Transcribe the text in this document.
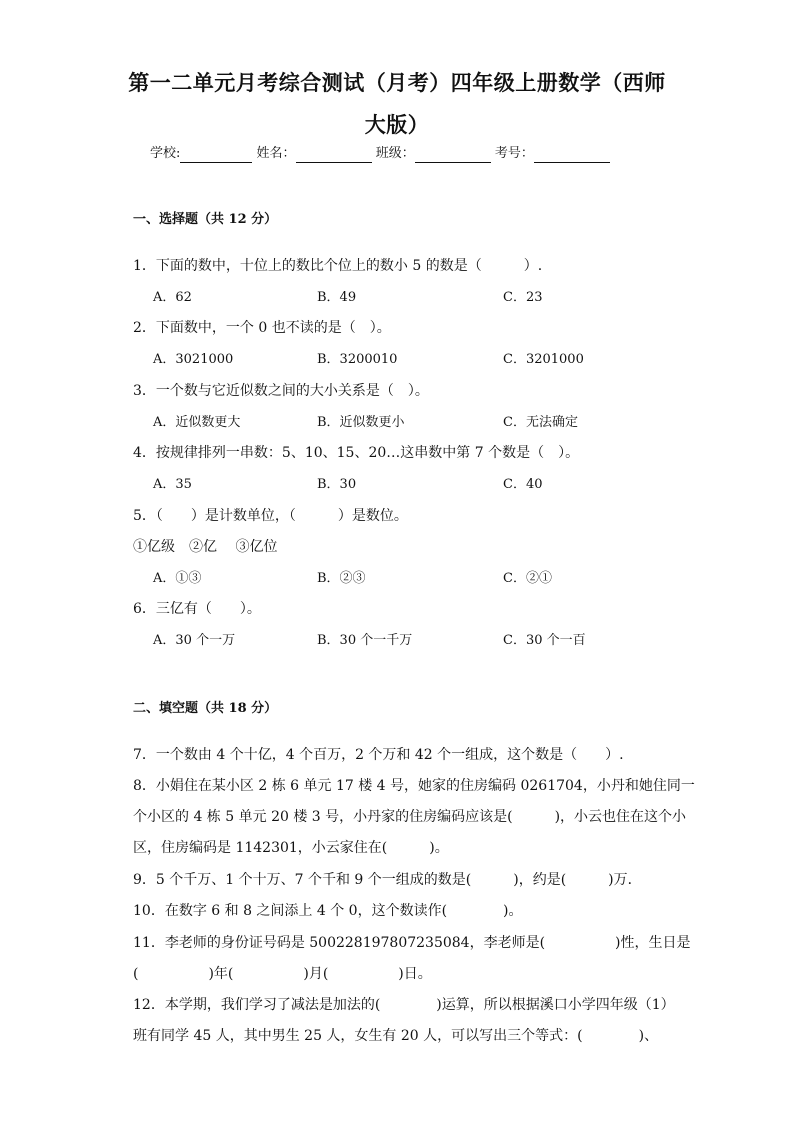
第一二单元月考综合测试（月考）四年级上册数学（西师大版）
学校:	姓名：	班级：	考号：
一、选择题（共 12 分）
1．下面的数中，十位上的数比个位上的数小 5 的数是（　　　）.
A．62	B．49	C．23
2．下面数中，一个 0 也不读的是（　）。
A．3021000	B．3200010	C．3201000
3．一个数与它近似数之间的大小关系是（　）。
A．近似数更大	B．近似数更小	C．无法确定
4．按规律排列一串数：5、10、15、20…这串数中第 7 个数是（　）。
A．35	B．30	C．40
5．（　　）是计数单位，（　　　）是数位。
①亿级　②亿　 ③亿位
A．①③	B．②③	C．②①
6．三亿有（　　）。
A．30 个一万	B．30 个一千万	C．30 个一百
二、填空题（共 18 分）
7．一个数由 4 个十亿，4 个百万，2 个万和 42 个一组成，这个数是（　　）.
8．小娟住在某小区 2 栋 6 单元 17 楼 4 号，她家的住房编码 0261704，小丹和她住同一
个小区的 4 栋 5 单元 20 楼 3 号，小丹家的住房编码应该是(　　　)，小云也住在这个小
区，住房编码是 1142301，小云家住在(　　　)。
9．5 个千万、1 个十万、7 个千和 9 个一组成的数是(　　　)，约是(　　　)万．
10．在数字 6 和 8 之间添上 4 个 0，这个数读作(　　　　)。
11．李老师的身份证号码是 500228197807235084，李老师是(　　　　　)性，生日是
(　　　　　)年(　　　　　)月(　　　　　)日。
12．本学期，我们学习了减法是加法的(　　　　)运算，所以根据溪口小学四年级（1）
班有同学 45 人，其中男生 25 人，女生有 20 人，可以写出三个等式：(　　　　)、
